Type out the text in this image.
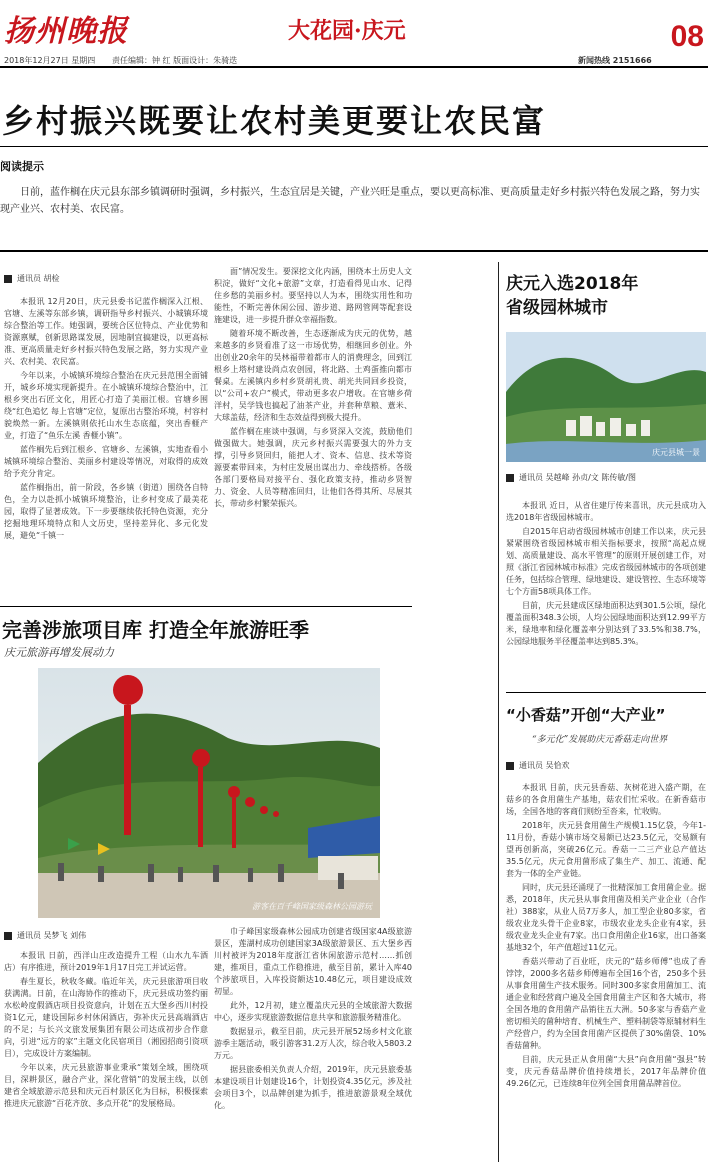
扬州晚报	大花园·庆元	08
2018年12月27日 星期四 责任编辑：钟 红 版面设计：朱骑迭	新闻热线 2151666
乡村振兴既要让农村美更要让农民富
阅读提示

日前，蓝作榈在庆元县东部乡镇调研时强调，乡村振兴，生态宜居是关键，产业兴旺是重点，要以更高标准、更高质量走好乡村振兴特色发展之路，努力实现产业兴、农村美、农民富。

通讯员 胡检

本报讯 12月20日，庆元县委书记蓝作榈深入江根、官塘、左溪等东部乡镇，调研指导乡村振兴、小城镇环境综合整治等工作。她强调，要统合区位特点、产业优势和资源禀赋，创新思路谋发展，因地制宜搞建设，以更高标准、更高质量走好乡村振兴特色发展之路，努力实现产业兴、农村美、农民富。

今年以来，小城镇环境综合整治在庆元县范围全面铺开，城乡环境实现新提升。在小城镇环境综合整治中，江根乡突出石匠文化，用匠心打造了美丽江根。官塘乡围绕“红色追忆 每上官塘”定位，复原出古整治环境，村容村貌焕然一新。左溪镇则依托山水生态底蕴，突出香榧产业，打造了“鱼乐左溪 香榧小镇”。

蓝作榈先后到江根乡、官塘乡、左溪镇，实地查看小城镇环境综合整治、美丽乡村建设等情况，对取得的成效给予充分肯定。

蓝作榈指出，前一阶段，各乡镇（街道）围绕各自特色，全力以赴抓小城镇环境整治，让乡村变成了最美花园，取得了显著成效。下一步要继续依托特色资源，充分挖掘地理环境特点和人文历史，坚持差异化、多元化发展，避免“千镇一

面”情况发生。要深挖文化内涵，围绕本土历史人文积淀，做好“文化+旅游”文章，打造看得见山水、记得住乡愁的美丽乡村。要坚持以人为本，围绕实用性和功能性，不断完善休闲公园、游步道、路网管网等配套设施建设，进一步提升群众幸福指数。

随着环境不断改善，生态逐渐成为庆元的优势，越来越多的乡贤看准了这一市场优势，相继回乡创业。外出创业20余年的吴林福带着都市人的消费理念，回到江根乡上塔村建设尚点农创园，将北路、土鸡蛋推向都市餐桌。左溪镇内乡村乡贤胡礼贵、胡光共同回乡投资，以“公司+农户”模式，带动更多农户增收。在官塘乡荷洋村，吴学钱也搞起了油茶产业，并套种草粮、薏米、大球盖菇，经济和生态效益得到极大提升。

蓝作榈在座谈中强调，与乡贤深入交流，鼓励他们做强做大。她强调，庆元乡村振兴需要强大的外力支撑，引导乡贤回归，能把人才、资本、信息、技术等资源要素带回来，为村庄发展出谋出力、牵线搭桥。各级各部门要格局对接平台、强化政策支持，推动乡贤智力、资金、人员等精准回归，让他们各得其所、尽展其长，带动乡村繁荣振兴。

完善涉旅项目库 打造全年旅游旺季
庆元旅游再增发展动力
游客在百千峰国家级森林公园游玩
通讯员 吴梦飞 刘伟

本报讯 日前，西洋山庄改造提升工程（山水九车酒店）有序推进，预计2019年1月17日完工并试运营。

春生夏长，秋收冬藏。临近年关，庆元县旅游项目收获满满。日前，在山海协作的推动下，庆元县成功签约丽水松岭度假酒店项目投资意向，计划在五大堡乡西川村投资1亿元，建设国际乡村休闲酒店，弥补庆元县高端酒店的不足；与长兴文旅发展集团有限公司达成初步合作意向，引进“远方的家”主题文化民宿项目（湘园招商引资项目），完成设计方案编制。

今年以来，庆元县旅游事业秉承“策划全域，围绕项目，深耕景区，融合产业，深化营销”的发展主线，以创建省全域旅游示范县和庆元百村景区化为目标，积极探索推进庆元旅游“百花齐放、多点开花”的发展格局。

巾子峰国家级森林公园成功创建省级国家4A级旅游景区，莲湖村成功创建国家3A级旅游景区、五大堡乡西川村被评为2018年度浙江省休闲旅游示范村……抓创建，推项目，重点工作稳推进，截至目前，累计入库40个涉旅项目，入库投资额达10.48亿元，项目建设成效初显。

此外，12月初，建立覆盖庆元县的全域旅游大数据中心，逐步实现旅游数据信息共享和旅游服务精准化。

数据显示，截至目前，庆元县开展52场乡村文化旅游季主题活动，吸引游客31.2万人次，综合收入5803.2万元。

据县旅委相关负责人介绍，2019年，庆元县旅委基本建设项目计划建设16个，计划投资4.35亿元，涉及社会项目3个，以品牌创建为抓手，推进旅游景观全域优化。

庆元入选2018年
省级园林城市
庆元县城一景
通讯员 吴越峰 孙贞/文 陈传敏/图

本报讯 近日，从省住建厅传来喜讯，庆元县成功入选2018年省级园林城市。

自2015年启动省级园林城市创建工作以来，庆元县紧紧围绕省级园林城市相关指标要求，按照“高起点规划、高质量建设、高水平管理”的原则开展创建工作，对照《浙江省园林城市标准》完成省级园林城市的各项创建任务，包括综合管理、绿地建设、建设管控、生态环境等七个方面58项具体工作。

目前，庆元县建成区绿地面积达到301.5公顷，绿化覆盖面积348.3公顷，人均公园绿地面积达到12.99平方米，绿地率和绿化覆盖率分别达到了33.5%和38.7%，公园绿地服务半径覆盖率达到85.3%。

“小香菇”开创“大产业”
“多元化”发展助庆元香菇走向世界
通讯员 吴恰欢

本报讯 目前，庆元县香菇、灰树花进入盛产期，在菇乡的各食用菌生产基地，菇农们忙采收。在新香菇市场，全国各地的客商们则纷至沓来，忙收购。

2018年，庆元县食用菌生产规模1.15亿袋，今年1-11月份，香菇小镇市场交易额已达23.5亿元，交易额有望再创新高，突破26亿元。香菇一二三产业总产值达35.5亿元，庆元食用菌形成了集生产、加工、流通、配套为一体的全产业链。

同时，庆元县还涌现了一批精深加工食用菌企业。据悉，2018年，庆元县从事食用菌及相关产业企业（合作社）388家，从业人员7万多人，加工型企业80多家，省级农业龙头骨干企业8家，市级农业龙头企业有4家，县级农业龙头企业有7家。出口食用菌企业16家，出口备案基地32个，年产值超过11亿元。

香菇兴带动了百业旺，庆元的“菇乡师傅”也成了香饽饽，2000多名菇乡师傅遍布全国16个省，250多个县从事食用菌生产技术服务。同时300多家食用菌加工、流通企业和经营商户遍及全国食用菌主产区和各大城市，将全国各地的食用菌产品销往五大洲。50多家与香菇产业密切相关的菌种培育、机械生产、塑料制袋等原辅材料生产经营户，约为全国食用菌产区提供了30%菌袋、10%香菇菌种。

目前，庆元县正从食用菌“大县”向食用菌“强县”转变，庆元香菇品牌价值持续增长，2017年品牌价值49.26亿元，已连续8年位列全国食用菌品牌首位。
